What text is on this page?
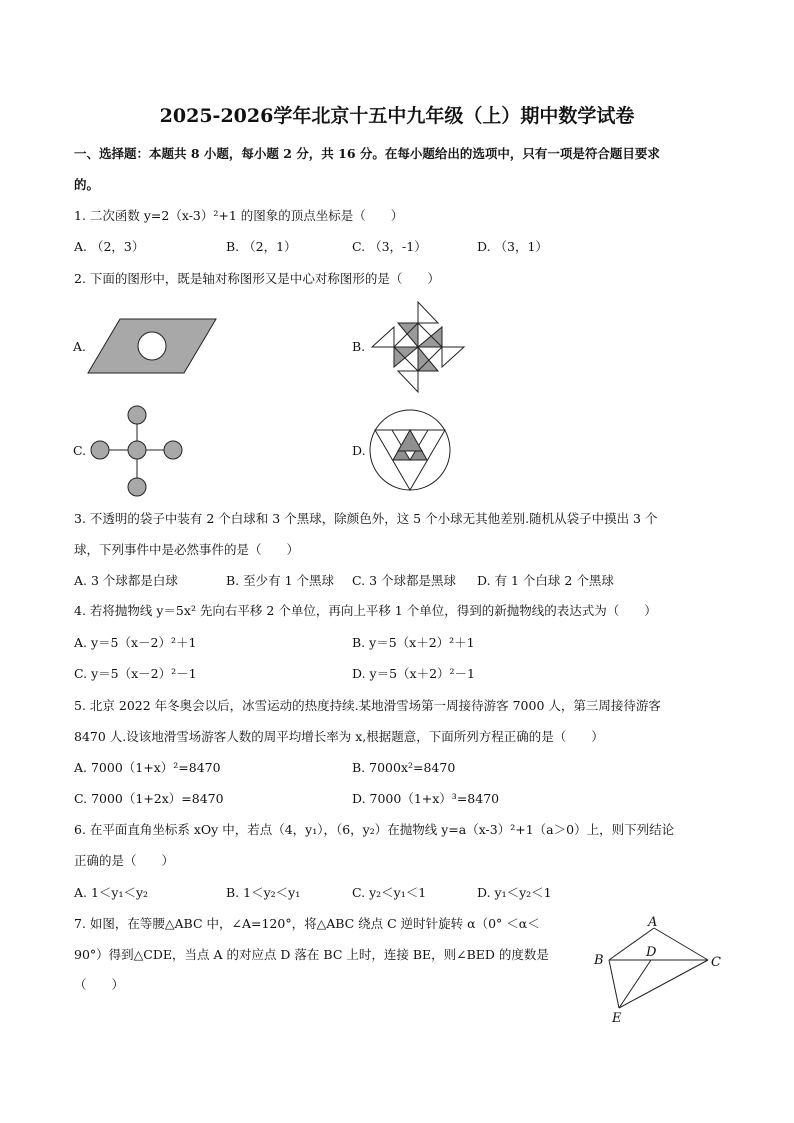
2025-2026学年北京十五中九年级（上）期中数学试卷
一、选择题：本题共 8 小题，每小题 2 分，共 16 分。在每小题给出的选项中，只有一项是符合题目要求
的。
1. 二次函数 y=2（x-3）²+1 的图象的顶点坐标是（　　）
A. （2，3）	B. （2，1）	C. （3，-1）	D. （3，1）
2. 下面的图形中，既是轴对称图形又是中心对称图形的是（　　）
A.	B.
C.	D.
3. 不透明的袋子中装有 2 个白球和 3 个黑球，除颜色外，这 5 个小球无其他差别.随机从袋子中摸出 3 个
球，下列事件中是必然事件的是（　　）
A. 3 个球都是白球	B. 至少有 1 个黑球 C. 3 个球都是黑球 D. 有 1 个白球 2 个黑球
4. 若将抛物线 y＝5x² 先向右平移 2 个单位，再向上平移 1 个单位，得到的新抛物线的表达式为（　　）
A. y＝5（x－2）²＋1	B. y＝5（x＋2）²＋1
C. y＝5（x－2）²－1	D. y＝5（x＋2）²－1
5. 北京 2022 年冬奥会以后，冰雪运动的热度持续.某地滑雪场第一周接待游客 7000 人，第三周接待游客
8470 人.设该地滑雪场游客人数的周平均增长率为 x,根据题意，下面所列方程正确的是（　　）
A. 7000（1+x）²=8470	B. 7000x²=8470
C. 7000（1+2x）=8470	D. 7000（1+x）³=8470
6. 在平面直角坐标系 xOy 中，若点（4，y₁），（6，y₂）在抛物线 y=a（x-3）²+1（a＞0）上，则下列结论
正确的是（　　）
A. 1＜y₁＜y₂	B. 1＜y₂＜y₁	C. y₂＜y₁＜1	D. y₁＜y₂＜1
7. 如图，在等腰△ABC 中，∠A=120°，将△ABC 绕点 C 逆时针旋转 α（0° ＜α＜
90°）得到△CDE，当点 A 的对应点 D 落在 BC 上时，连接 BE，则∠BED 的度数是
（　　）
A
B	C
D
E
